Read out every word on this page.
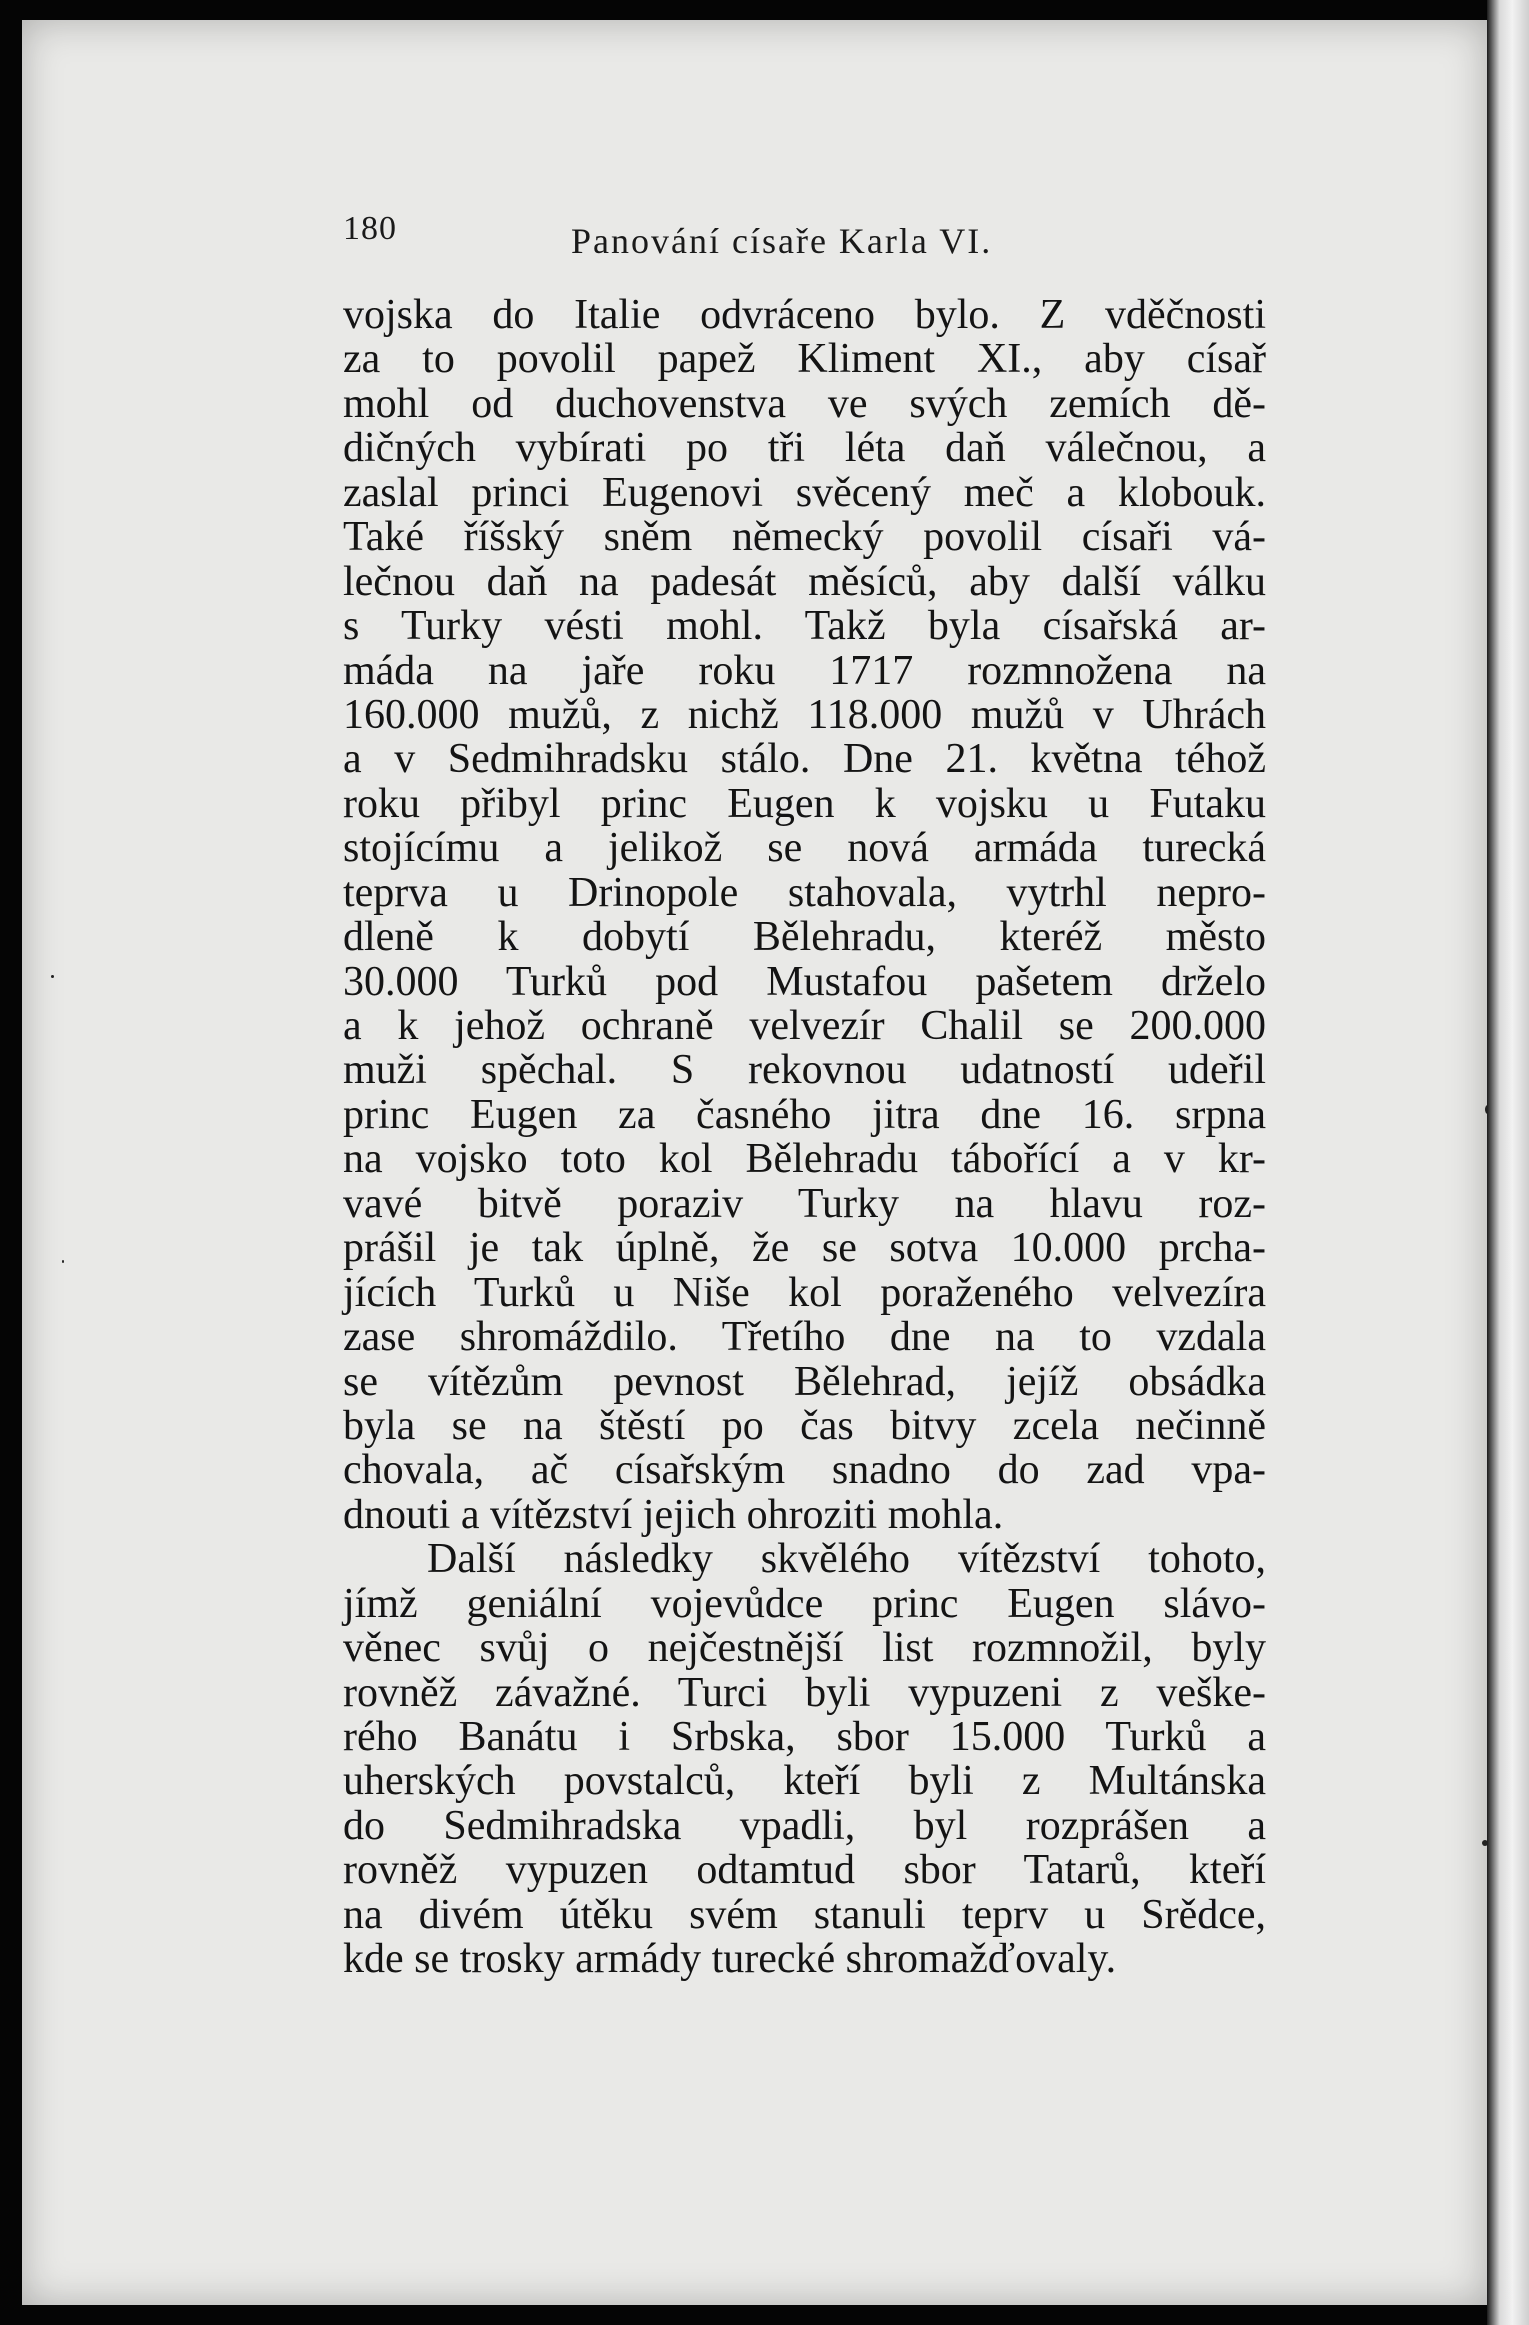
180	Panování císaře Karla VI.
vojska do Italie odvráceno bylo. Z vděčnosti
za to povolil papež Kliment XI., aby císař
mohl od duchovenstva ve svých zemích dě-
dičných vybírati po tři léta daň válečnou, a
zaslal princi Eugenovi svěcený meč a klobouk.
Také říšský sněm německý povolil císaři vá-
lečnou daň na padesát měsíců, aby další válku
s Turky vésti mohl. Takž byla císařská ar-
máda na jaře roku 1717 rozmnožena na
160.000 mužů, z nichž 118.000 mužů v Uhrách
a v Sedmihradsku stálo. Dne 21. května téhož
roku přibyl princ Eugen k vojsku u Futaku
stojícímu a jelikož se nová armáda turecká
teprva u Drinopole stahovala, vytrhl nepro-
dleně k dobytí Bělehradu, kteréž město
30.000 Turků pod Mustafou pašetem drželo
a k jehož ochraně velvezír Chalil se 200.000
muži spěchal. S rekovnou udatností udeřil
princ Eugen za časného jitra dne 16. srpna
na vojsko toto kol Bělehradu tábořící a v kr-
vavé bitvě poraziv Turky na hlavu roz-
prášil je tak úplně, že se sotva 10.000 prcha-
jících Turků u Niše kol poraženého velvezíra
zase shromáždilo. Třetího dne na to vzdala
se vítězům pevnost Bělehrad, jejíž obsádka
byla se na štěstí po čas bitvy zcela nečinně
chovala, ač císařským snadno do zad vpa-
dnouti a vítězství jejich ohroziti mohla.
Další následky skvělého vítězství tohoto,
jímž geniální vojevůdce princ Eugen slávo-
věnec svůj o nejčestnější list rozmnožil, byly
rovněž závažné. Turci byli vypuzeni z veške-
rého Banátu i Srbska, sbor 15.000 Turků a
uherských povstalců, kteří byli z Multánska
do Sedmihradska vpadli, byl rozprášen a
rovněž vypuzen odtamtud sbor Tatarů, kteří
na divém útěku svém stanuli teprv u Srědce,
kde se trosky armády turecké shromažďovaly.
